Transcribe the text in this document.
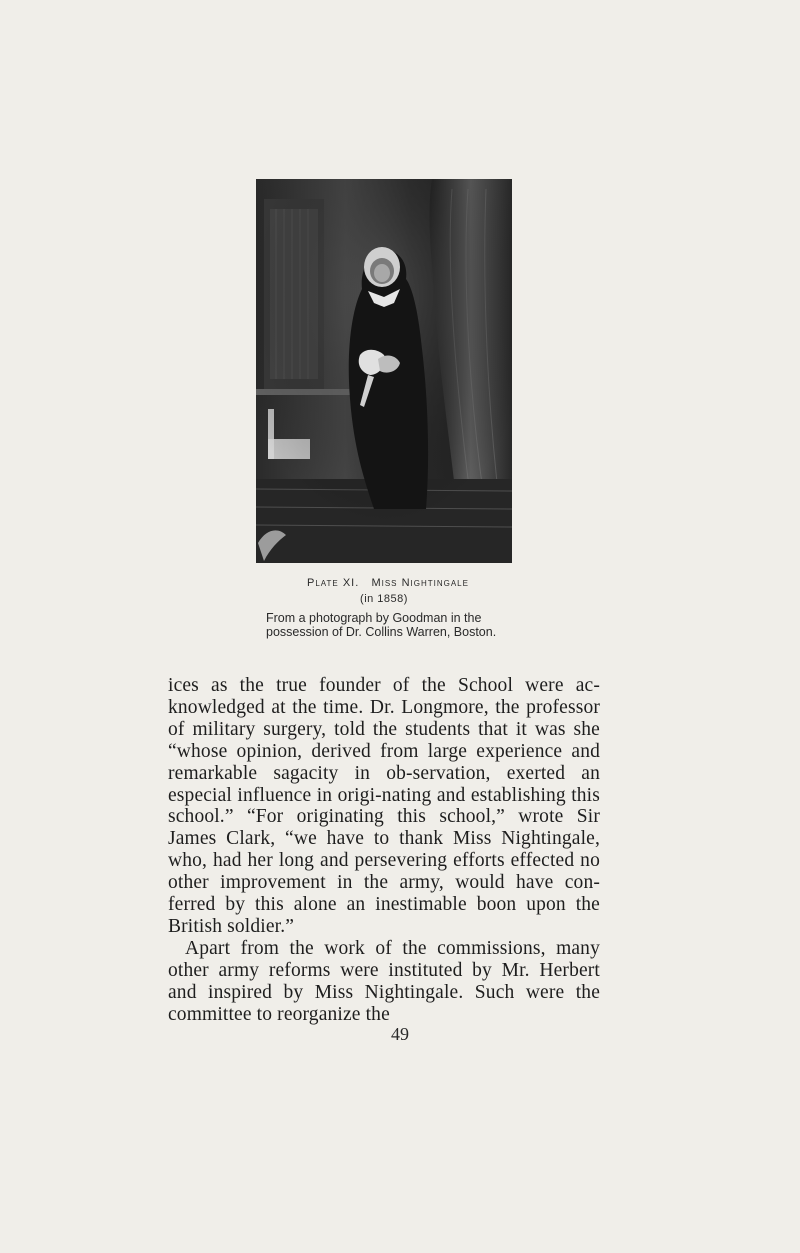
Plate XI. Miss Nightingale
(in 1858)
From a photograph by Goodman in the possession of Dr. Collins Warren, Boston.

ices as the true founder of the School were ac-knowledged at the time. Dr. Longmore, the professor of military surgery, told the students that it was she “whose opinion, derived from large experience and remarkable sagacity in ob-servation, exerted an especial influence in origi-nating and establishing this school.” “For originating this school,” wrote Sir James Clark, “we have to thank Miss Nightingale, who, had her long and persevering efforts effected no other improvement in the army, would have con-ferred by this alone an inestimable boon upon the British soldier.”

Apart from the work of the commissions, many other army reforms were instituted by Mr. Herbert and inspired by Miss Nightingale. Such were the committee to reorganize the

49
